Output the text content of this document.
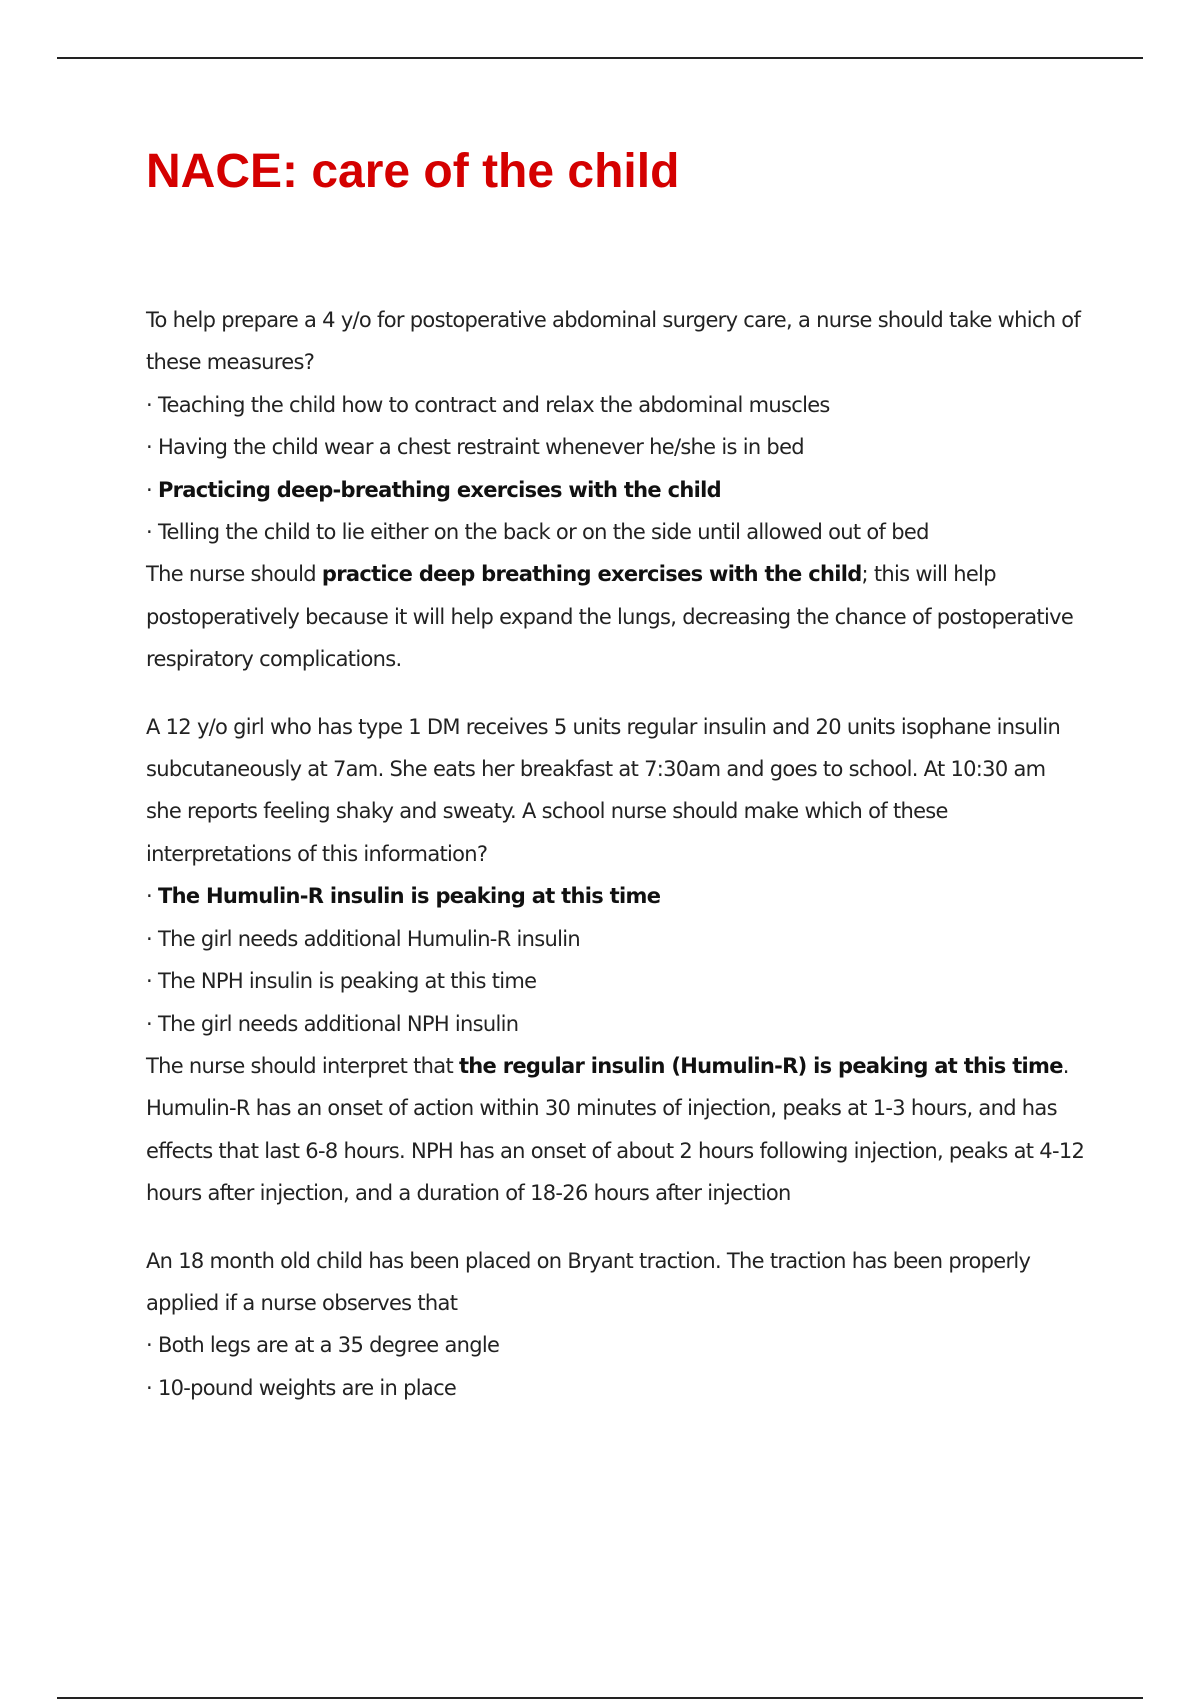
NACE: care of the child

To help prepare a 4 y/o for postoperative abdominal surgery care, a nurse should take which of these measures?

· Teaching the child how to contract and relax the abdominal muscles

· Having the child wear a chest restraint whenever he/she is in bed

· Practicing deep-breathing exercises with the child

· Telling the child to lie either on the back or on the side until allowed out of bed

The nurse should practice deep breathing exercises with the child; this will help postoperatively because it will help expand the lungs, decreasing the chance of postoperative respiratory complications.

A 12 y/o girl who has type 1 DM receives 5 units regular insulin and 20 units isophane insulin subcutaneously at 7am. She eats her breakfast at 7:30am and goes to school. At 10:30 am she reports feeling shaky and sweaty. A school nurse should make which of these interpretations of this information?

· The Humulin-R insulin is peaking at this time

· The girl needs additional Humulin-R insulin

· The NPH insulin is peaking at this time

· The girl needs additional NPH insulin

The nurse should interpret that the regular insulin (Humulin-R) is peaking at this time. Humulin-R has an onset of action within 30 minutes of injection, peaks at 1-3 hours, and has effects that last 6-8 hours. NPH has an onset of about 2 hours following injection, peaks at 4-12 hours after injection, and a duration of 18-26 hours after injection

An 18 month old child has been placed on Bryant traction. The traction has been properly applied if a nurse observes that

· Both legs are at a 35 degree angle

· 10-pound weights are in place
